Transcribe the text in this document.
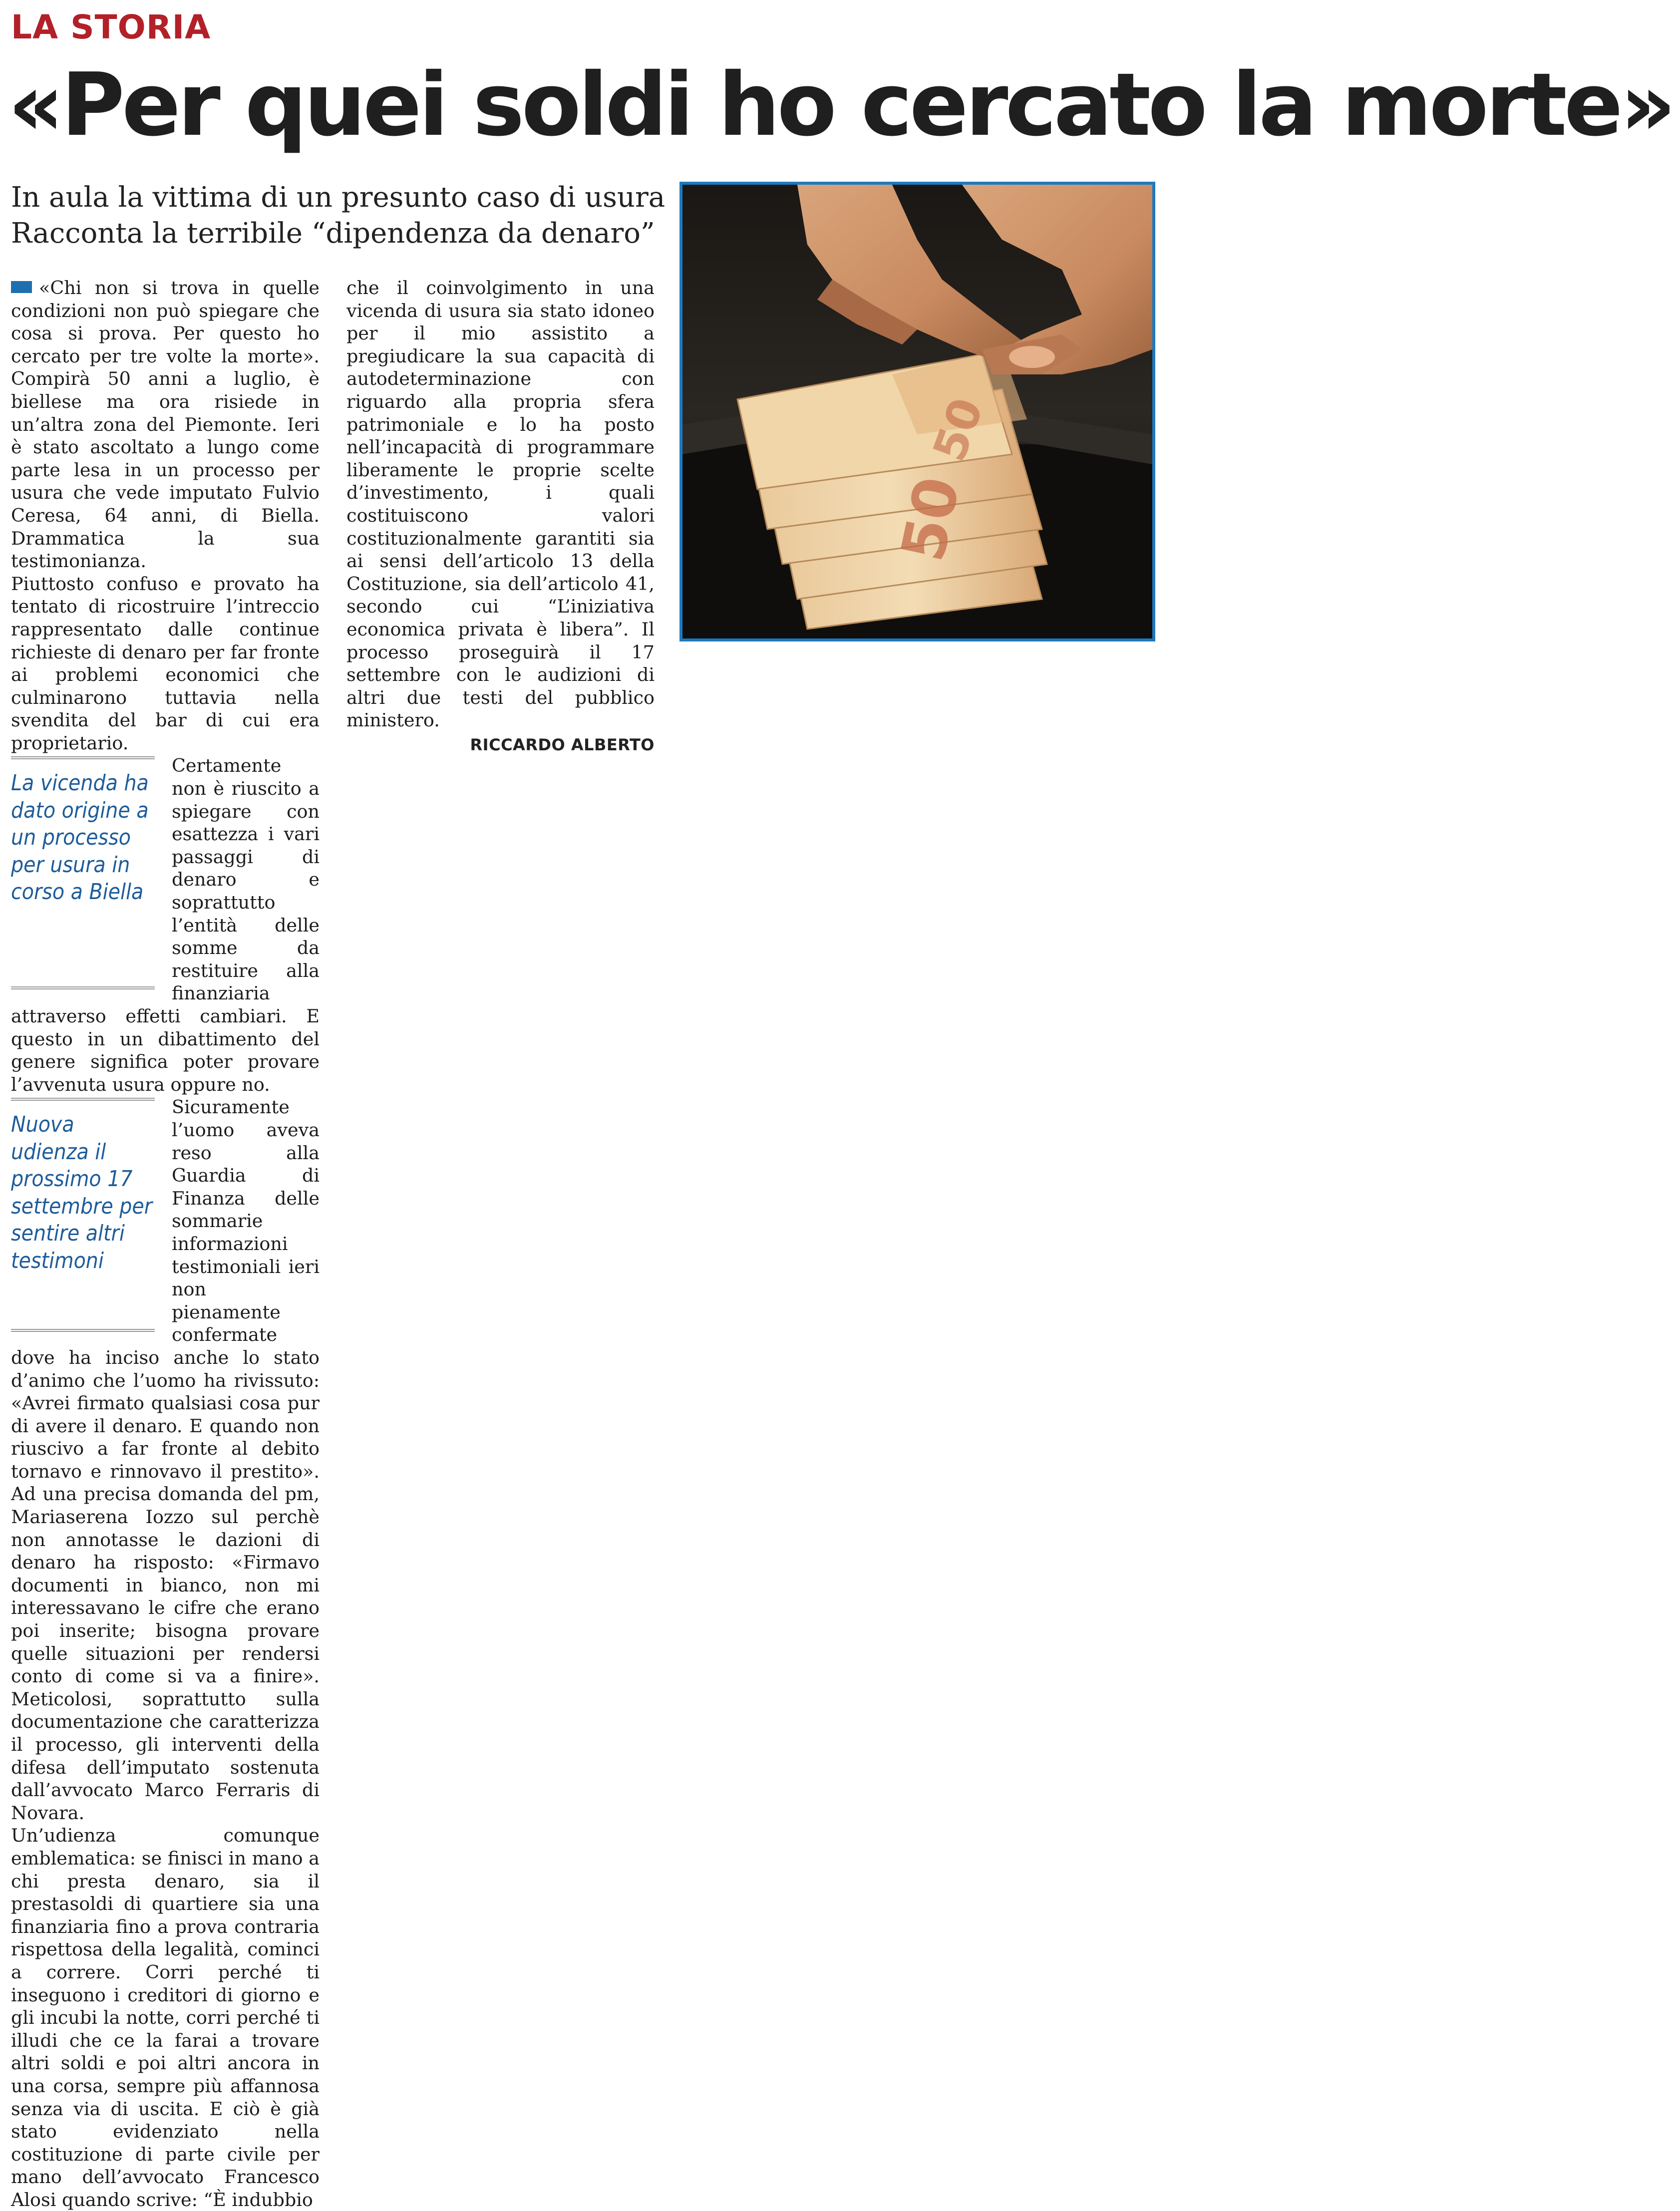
LA STORIA
«Per quei soldi ho cercato la morte»
In aula la vittima di un presunto caso di usura
Racconta la terribile “dipendenza da denaro”

«Chi non si trova in quelle condizioni non può spiegare che cosa si prova. Per questo ho cercato per tre volte la morte». Compirà 50 anni a luglio, è biellese ma ora risiede in un’altra zona del Piemonte. Ieri è stato ascoltato a lungo come parte lesa in un processo per usura che vede imputato Fulvio Ceresa, 64 anni, di Biella. Drammatica la sua testimonianza.

Piuttosto confuso e provato ha tentato di ricostruire l’intreccio rappresentato dalle continue richieste di denaro per far fronte ai problemi economici che culminarono tuttavia nella svendita del bar di cui era proprietario.

La vicenda ha dato origine a un processo per usura in corso a Biella

Certamente non è riuscito a spiegare con esattezza i vari passaggi di denaro e soprattutto l’entità delle somme da restituire alla finanziaria attraverso effetti cambiari. E questo in un dibattimento del genere significa poter provare l’avvenuta usura oppure no.

Nuova udienza il prossimo 17 settembre per sentire altri testimoni

Sicuramente l’uomo aveva reso alla Guardia di Finanza delle sommarie informazioni testimoniali ieri non pienamente confermate dove ha inciso anche lo stato d’animo che l’uomo ha rivissuto: «Avrei firmato qualsiasi cosa pur di avere il denaro. E quando non riuscivo a far fronte al debito tornavo e rinnovavo il prestito». Ad una precisa domanda del pm, Mariaserena Iozzo sul perchè non annotasse le dazioni di denaro ha risposto: «Firmavo documenti in bianco, non mi interessavano le cifre che erano poi inserite; bisogna provare quelle situazioni per rendersi conto di come si va a finire». Meticolosi, soprattutto sulla documentazione che caratterizza il processo, gli interventi della difesa dell’imputato sostenuta dall’avvocato Marco Ferraris di Novara.

Un’udienza comunque emblematica: se finisci in mano a chi presta denaro, sia il prestasoldi di quartiere sia una finanziaria fino a prova contraria rispettosa della legalità, cominci a correre. Corri perché ti inseguono i creditori di giorno e gli incubi la notte, corri perché ti illudi che ce la farai a trovare altri soldi e poi altri ancora in una corsa, sempre più affannosa senza via di uscita. E ciò è già stato evidenziato nella costituzione di parte civile per mano dell’avvocato Francesco Alosi quando scrive: “È indubbio

che il coinvolgimento in una vicenda di usura sia stato idoneo per il mio assistito a pregiudicare la sua capacità di autodeterminazione con riguardo alla propria sfera patrimoniale e lo ha posto nell’incapacità di programmare liberamente le proprie scelte d’investimento, i quali costituiscono valori costituzionalmente garantiti sia ai sensi dell’articolo 13 della Costituzione, sia dell’articolo 41, secondo cui “L’iniziativa economica privata è libera”. Il processo proseguirà il 17 settembre con le audizioni di altri due testi del pubblico ministero.

RICCARDO ALBERTO
50
50
